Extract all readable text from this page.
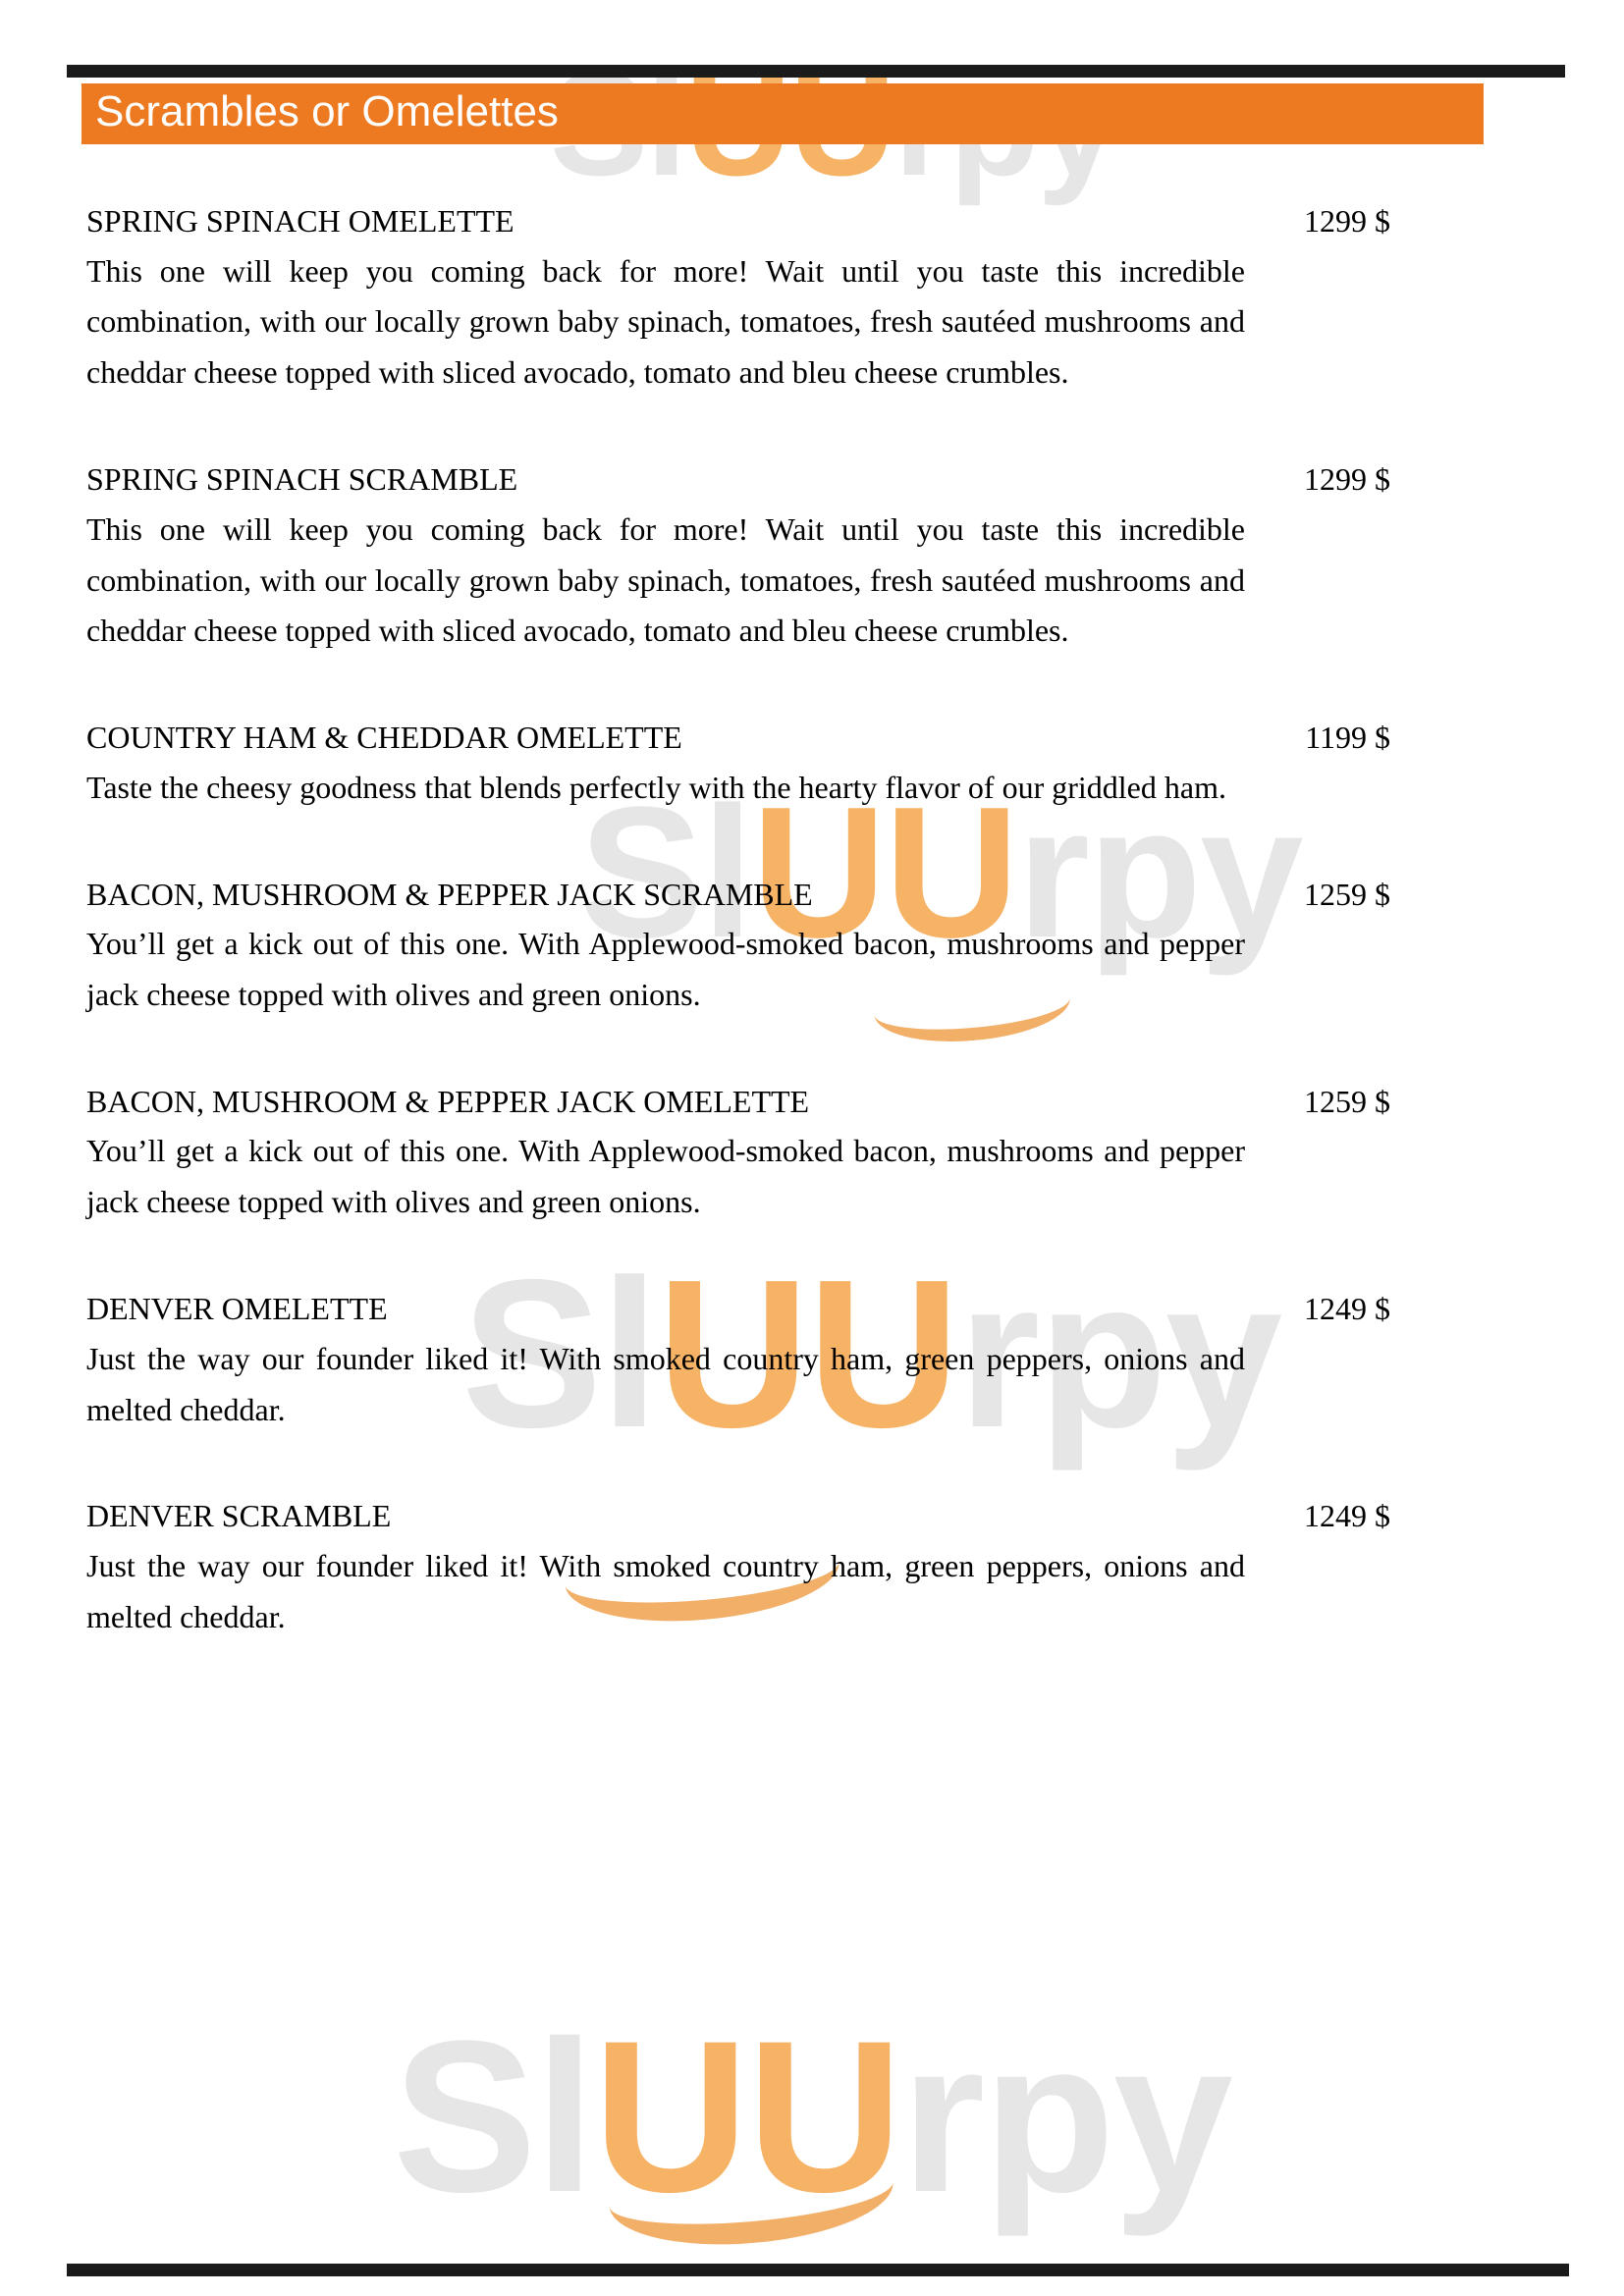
SlUUrpy
SlUUrpy
SlUUrpy
Scrambles or Omelettes
SPRING SPINACH OMELETTE	1299 $
This one will keep you coming back for more! Wait until you taste this incredible combination, with our locally grown baby spinach, tomatoes, fresh sautéed mushrooms and cheddar cheese topped with sliced avocado, tomato and bleu cheese crumbles.
SPRING SPINACH SCRAMBLE	1299 $
This one will keep you coming back for more! Wait until you taste this incredible combination, with our locally grown baby spinach, tomatoes, fresh sautéed mushrooms and cheddar cheese topped with sliced avocado, tomato and bleu cheese crumbles.
COUNTRY HAM & CHEDDAR OMELETTE	1199 $
Taste the cheesy goodness that blends perfectly with the hearty flavor of our griddled ham.
BACON, MUSHROOM & PEPPER JACK SCRAMBLE	1259 $
You’ll get a kick out of this one. With Applewood-smoked bacon, mushrooms and pepper jack cheese topped with olives and green onions.
BACON, MUSHROOM & PEPPER JACK OMELETTE	1259 $
You’ll get a kick out of this one. With Applewood-smoked bacon, mushrooms and pepper jack cheese topped with olives and green onions.
DENVER OMELETTE	1249 $
Just the way our founder liked it! With smoked country ham, green peppers, onions and melted cheddar.
DENVER SCRAMBLE	1249 $
Just the way our founder liked it! With smoked country ham, green peppers, onions and melted cheddar.
